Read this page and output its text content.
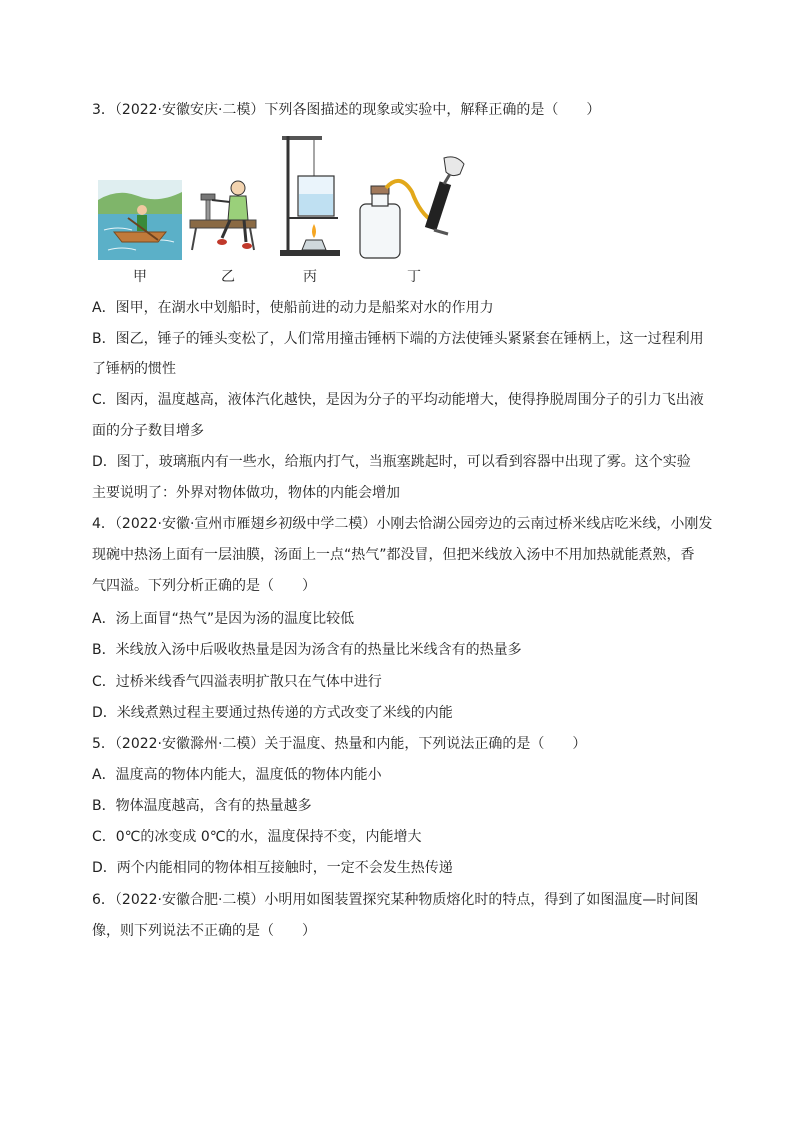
3．（2022·安徽安庆·二模）下列各图描述的现象或实验中，解释正确的是（　　）
甲	乙	丙	丁
A．图甲，在湖水中划船时，使船前进的动力是船桨对水的作用力
B．图乙，锤子的锤头变松了，人们常用撞击锤柄下端的方法使锤头紧紧套在锤柄上，这一过程利用
了锤柄的惯性
C．图丙，温度越高，液体汽化越快，是因为分子的平均动能增大，使得挣脱周围分子的引力飞出液
面的分子数目增多
D．图丁，玻璃瓶内有一些水，给瓶内打气，当瓶塞跳起时，可以看到容器中出现了雾。这个实验
主要说明了：外界对物体做功，物体的内能会增加
4．（2022·安徽·宣州市雁翅乡初级中学二模）小刚去恰湖公园旁边的云南过桥米线店吃米线，小刚发
现碗中热汤上面有一层油膜，汤面上一点“热气”都没冒，但把米线放入汤中不用加热就能煮熟，香
气四溢。下列分析正确的是（　　）
A．汤上面冒“热气”是因为汤的温度比较低
B．米线放入汤中后吸收热量是因为汤含有的热量比米线含有的热量多
C．过桥米线香气四溢表明扩散只在气体中进行
D．米线煮熟过程主要通过热传递的方式改变了米线的内能
5．（2022·安徽滁州·二模）关于温度、热量和内能，下列说法正确的是（　　）
A．温度高的物体内能大，温度低的物体内能小
B．物体温度越高，含有的热量越多
C．0℃的冰变成 0℃的水，温度保持不变，内能增大
D．两个内能相同的物体相互接触时，一定不会发生热传递
6．（2022·安徽合肥·二模）小明用如图装置探究某种物质熔化时的特点，得到了如图温度—时间图
像，则下列说法不正确的是（　　）
